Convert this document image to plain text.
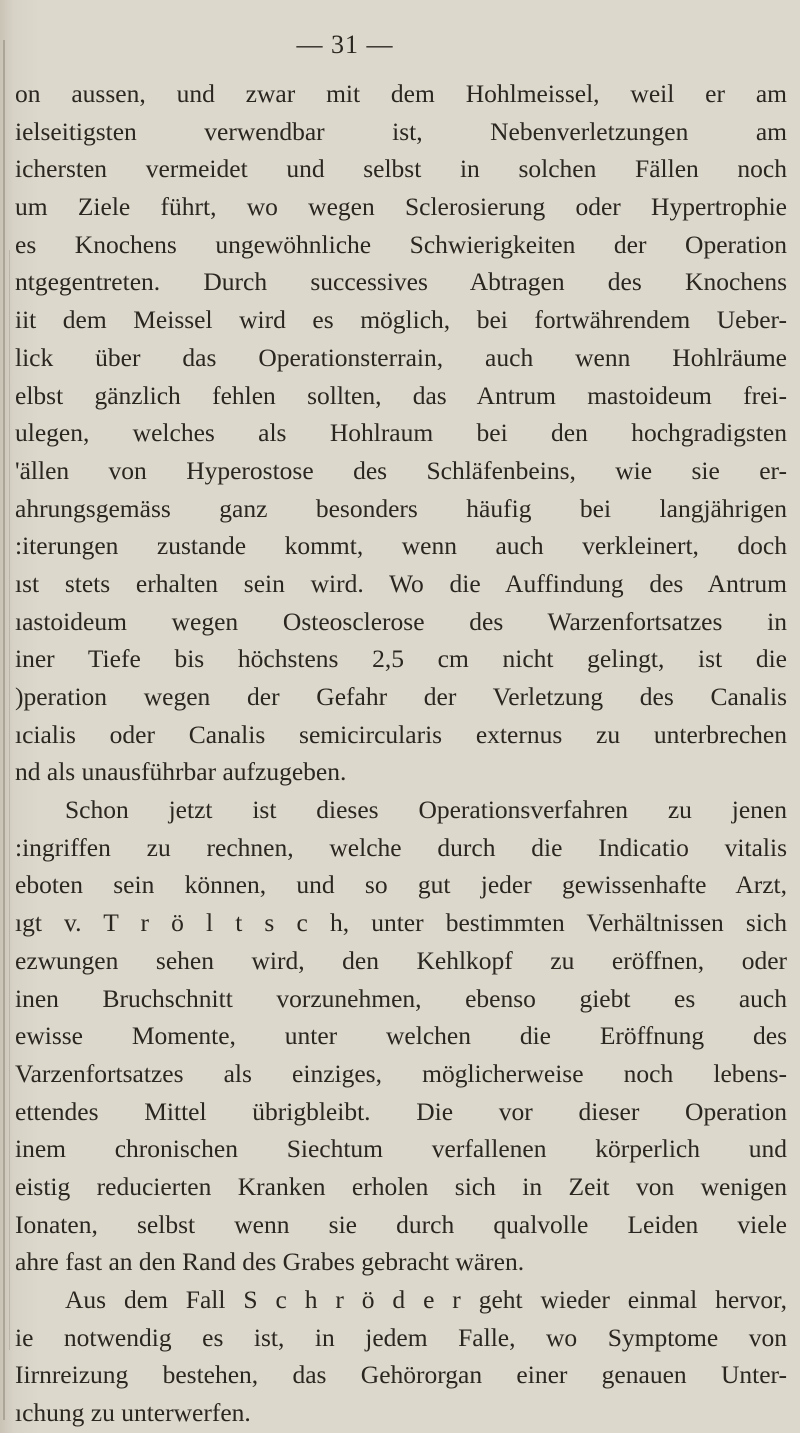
— 31 —
on aussen, und zwar mit dem Hohlmeissel, weil er am
ielseitigsten verwendbar ist, Nebenverletzungen am
ichersten vermeidet und selbst in solchen Fällen noch
um Ziele führt, wo wegen Sclerosierung oder Hypertrophie
es Knochens ungewöhnliche Schwierigkeiten der Operation
ntgegentreten. Durch successives Abtragen des Knochens
iit dem Meissel wird es möglich, bei fortwährendem Ueber-
lick über das Operationsterrain, auch wenn Hohlräume
elbst gänzlich fehlen sollten, das Antrum mastoideum frei-
ulegen, welches als Hohlraum bei den hochgradigsten
'ällen von Hyperostose des Schläfenbeins, wie sie er-
ahrungsgemäss ganz besonders häufig bei langjährigen
:iterungen zustande kommt, wenn auch verkleinert, doch
ıst stets erhalten sein wird. Wo die Auffindung des Antrum
ıastoideum wegen Osteosclerose des Warzenfortsatzes in
iner Tiefe bis höchstens 2,5 cm nicht gelingt, ist die
)peration wegen der Gefahr der Verletzung des Canalis
ıcialis oder Canalis semicircularis externus zu unterbrechen
nd als unausführbar aufzugeben.
Schon jetzt ist dieses Operationsverfahren zu jenen
:ingriffen zu rechnen, welche durch die Indicatio vitalis
eboten sein können, und so gut jeder gewissenhafte Arzt,
ıgt v. T r ö l t s c h, unter bestimmten Verhältnissen sich
ezwungen sehen wird, den Kehlkopf zu eröffnen, oder
inen Bruchschnitt vorzunehmen, ebenso giebt es auch
ewisse Momente, unter welchen die Eröffnung des
Varzenfortsatzes als einziges, möglicherweise noch lebens-
ettendes Mittel übrigbleibt. Die vor dieser Operation
inem chronischen Siechtum verfallenen körperlich und
eistig reducierten Kranken erholen sich in Zeit von wenigen
Ionaten, selbst wenn sie durch qualvolle Leiden viele
ahre fast an den Rand des Grabes gebracht wären.
Aus dem Fall S c h r ö d e r geht wieder einmal hervor,
ie notwendig es ist, in jedem Falle, wo Symptome von
Iirnreizung bestehen, das Gehörorgan einer genauen Unter-
ıchung zu unterwerfen.
